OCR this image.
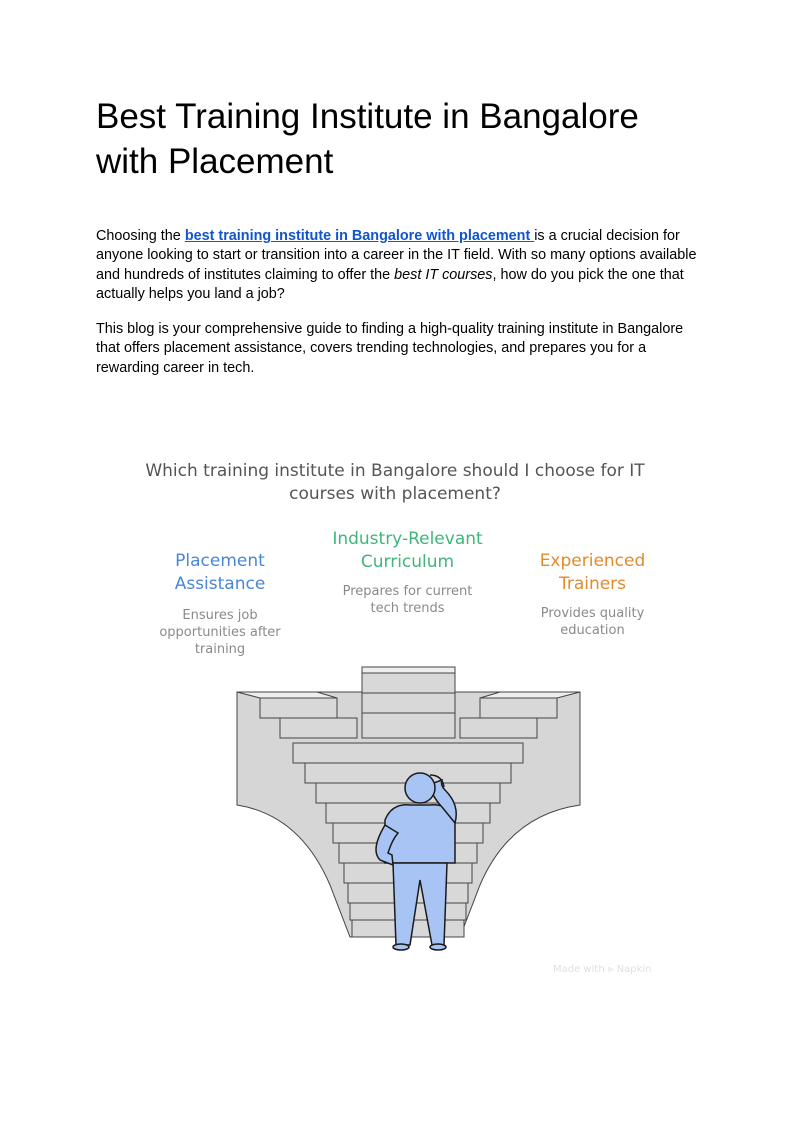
Best Training Institute in Bangalore with Placement

Choosing the best training institute in Bangalore with placement is a crucial decision for anyone looking to start or transition into a career in the IT field. With so many options available and hundreds of institutes claiming to offer the best IT courses, how do you pick the one that actually helps you land a job?

This blog is your comprehensive guide to finding a high-quality training institute in Bangalore that offers placement assistance, covers trending technologies, and prepares you for a rewarding career in tech.

Which training institute in Bangalore should I choose for IT courses with placement?
Placement Assistance
Ensures job opportunities after training
Industry-Relevant Curriculum
Prepares for current tech trends
Experienced Trainers
Provides quality education
Made with ⪢ Napkin
